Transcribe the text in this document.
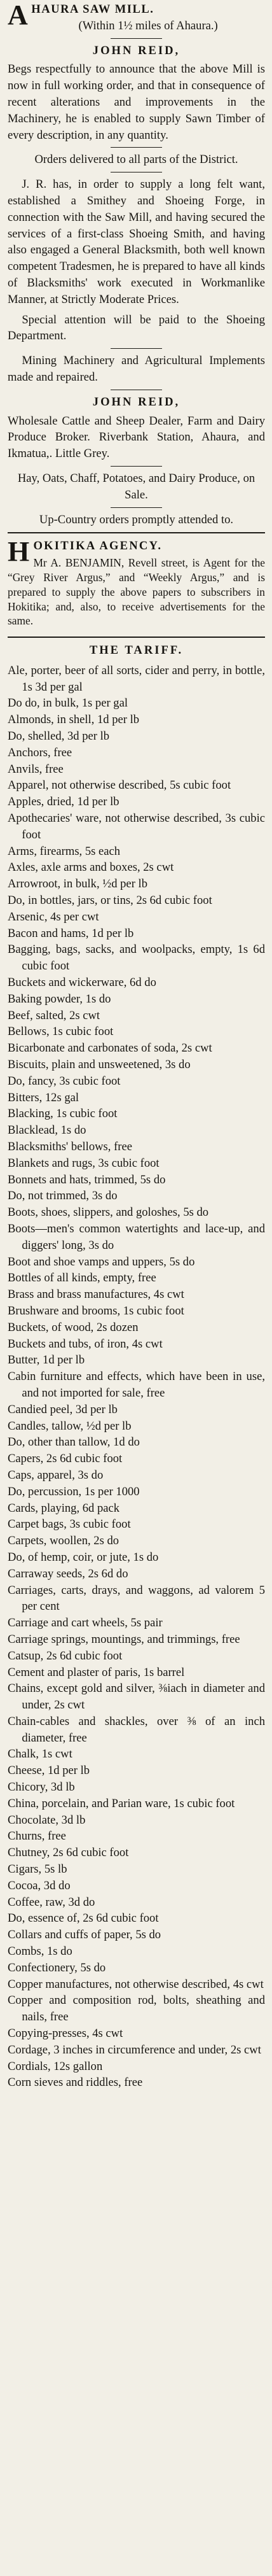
AHAURA SAW MILL.
(Within 1½ miles of Ahaura.)
JOHN REID,
Begs respectfully to announce that the above Mill is now in full working order, and that in consequence of recent alterations and improvements in the Machinery, he is enabled to supply Sawn Timber of every description, in any quantity.
Orders delivered to all parts of the District.
J. R. has, in order to supply a long felt want, established a Smithey and Shoeing Forge, in connection with the Saw Mill, and having secured the services of a first-class Shoeing Smith, and having also engaged a General Blacksmith, both well known competent Tradesmen, he is prepared to have all kinds of Blacksmiths' work executed in Workmanlike Manner, at Strictly Moderate Prices.
Special attention will be paid to the Shoeing Department.
Mining Machinery and Agricultural Implements made and repaired.
JOHN REID,
Wholesale Cattle and Sheep Dealer, Farm and Dairy Produce Broker. Riverbank Station, Ahaura, and Ikmatua,. Little Grey.
Hay, Oats, Chaff, Potatoes, and Dairy Produce, on Sale.
Up-Country orders promptly attended to.
HOKITIKA AGENCY.
Mr A. BENJAMIN, Revell street, is Agent for the “Grey River Argus,” and “Weekly Argus,” and is prepared to supply the above papers to subscribers in Hokitika; and, also, to receive advertisements for the same.
THE TARIFF.
Ale, porter, beer of all sorts, cider and perry, in bottle, 1s 3d per gal
Do do, in bulk, 1s per gal
Almonds, in shell, 1d per lb
Do, shelled, 3d per lb
Anchors, free
Anvils, free
Apparel, not otherwise described, 5s cubic foot
Apples, dried, 1d per lb
Apothecaries' ware, not otherwise described, 3s cubic foot
Arms, firearms, 5s each
Axles, axle arms and boxes, 2s cwt
Arrowroot, in bulk, ½d per lb
Do, in bottles, jars, or tins, 2s 6d cubic foot
Arsenic, 4s per cwt
Bacon and hams, 1d per lb
Bagging, bags, sacks, and woolpacks, empty, 1s 6d cubic foot
Buckets and wickerware, 6d do
Baking powder, 1s do
Beef, salted, 2s cwt
Bellows, 1s cubic foot
Bicarbonate and carbonates of soda, 2s cwt
Biscuits, plain and unsweetened, 3s do
Do, fancy, 3s cubic foot
Bitters, 12s gal
Blacking, 1s cubic foot
Blacklead, 1s do
Blacksmiths' bellows, free
Blankets and rugs, 3s cubic foot
Bonnets and hats, trimmed, 5s do
Do, not trimmed, 3s do
Boots, shoes, slippers, and goloshes, 5s do
Boots—men's common watertights and lace-up, and diggers' long, 3s do
Boot and shoe vamps and uppers, 5s do
Bottles of all kinds, empty, free
Brass and brass manufactures, 4s cwt
Brushware and brooms, 1s cubic foot
Buckets, of wood, 2s dozen
Buckets and tubs, of iron, 4s cwt
Butter, 1d per lb
Cabin furniture and effects, which have been in use, and not imported for sale, free
Candied peel, 3d per lb
Candles, tallow, ½d per lb
Do, other than tallow, 1d do
Capers, 2s 6d cubic foot
Caps, apparel, 3s do
Do, percussion, 1s per 1000
Cards, playing, 6d pack
Carpet bags, 3s cubic foot
Carpets, woollen, 2s do
Do, of hemp, coir, or jute, 1s do
Carraway seeds, 2s 6d do
Carriages, carts, drays, and waggons, ad valorem 5 per cent
Carriage and cart wheels, 5s pair
Carriage springs, mountings, and trimmings, free
Catsup, 2s 6d cubic foot
Cement and plaster of paris, 1s barrel
Chains, except gold and silver, ⅜iach in diameter and under, 2s cwt
Chain-cables and shackles, over ⅜ of an inch diameter, free
Chalk, 1s cwt
Cheese, 1d per lb
Chicory, 3d lb
China, porcelain, and Parian ware, 1s cubic foot
Chocolate, 3d lb
Churns, free
Chutney, 2s 6d cubic foot
Cigars, 5s lb
Cocoa, 3d do
Coffee, raw, 3d do
Do, essence of, 2s 6d cubic foot
Collars and cuffs of paper, 5s do
Combs, 1s do
Confectionery, 5s do
Copper manufactures, not otherwise described, 4s cwt
Copper and composition rod, bolts, sheathing and nails, free
Copying-presses, 4s cwt
Cordage, 3 inches in circumference and under, 2s cwt
Cordials, 12s gallon
Corn sieves and riddles, free
